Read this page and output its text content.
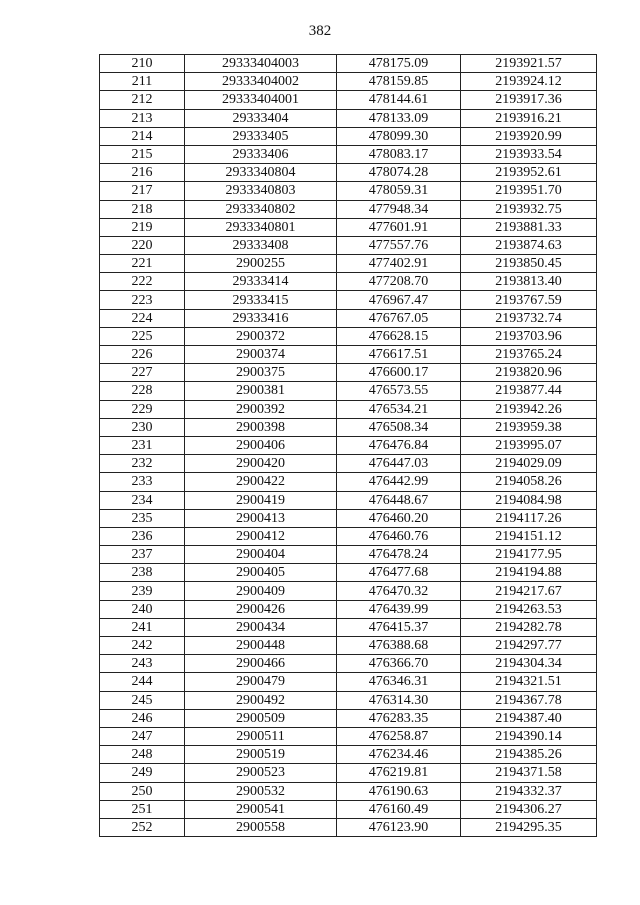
382
210	29333404003	478175.09	2193921.57
211	29333404002	478159.85	2193924.12
212	29333404001	478144.61	2193917.36
213	29333404	478133.09	2193916.21
214	29333405	478099.30	2193920.99
215	29333406	478083.17	2193933.54
216	2933340804	478074.28	2193952.61
217	2933340803	478059.31	2193951.70
218	2933340802	477948.34	2193932.75
219	2933340801	477601.91	2193881.33
220	29333408	477557.76	2193874.63
221	2900255	477402.91	2193850.45
222	29333414	477208.70	2193813.40
223	29333415	476967.47	2193767.59
224	29333416	476767.05	2193732.74
225	2900372	476628.15	2193703.96
226	2900374	476617.51	2193765.24
227	2900375	476600.17	2193820.96
228	2900381	476573.55	2193877.44
229	2900392	476534.21	2193942.26
230	2900398	476508.34	2193959.38
231	2900406	476476.84	2193995.07
232	2900420	476447.03	2194029.09
233	2900422	476442.99	2194058.26
234	2900419	476448.67	2194084.98
235	2900413	476460.20	2194117.26
236	2900412	476460.76	2194151.12
237	2900404	476478.24	2194177.95
238	2900405	476477.68	2194194.88
239	2900409	476470.32	2194217.67
240	2900426	476439.99	2194263.53
241	2900434	476415.37	2194282.78
242	2900448	476388.68	2194297.77
243	2900466	476366.70	2194304.34
244	2900479	476346.31	2194321.51
245	2900492	476314.30	2194367.78
246	2900509	476283.35	2194387.40
247	2900511	476258.87	2194390.14
248	2900519	476234.46	2194385.26
249	2900523	476219.81	2194371.58
250	2900532	476190.63	2194332.37
251	2900541	476160.49	2194306.27
252	2900558	476123.90	2194295.35
